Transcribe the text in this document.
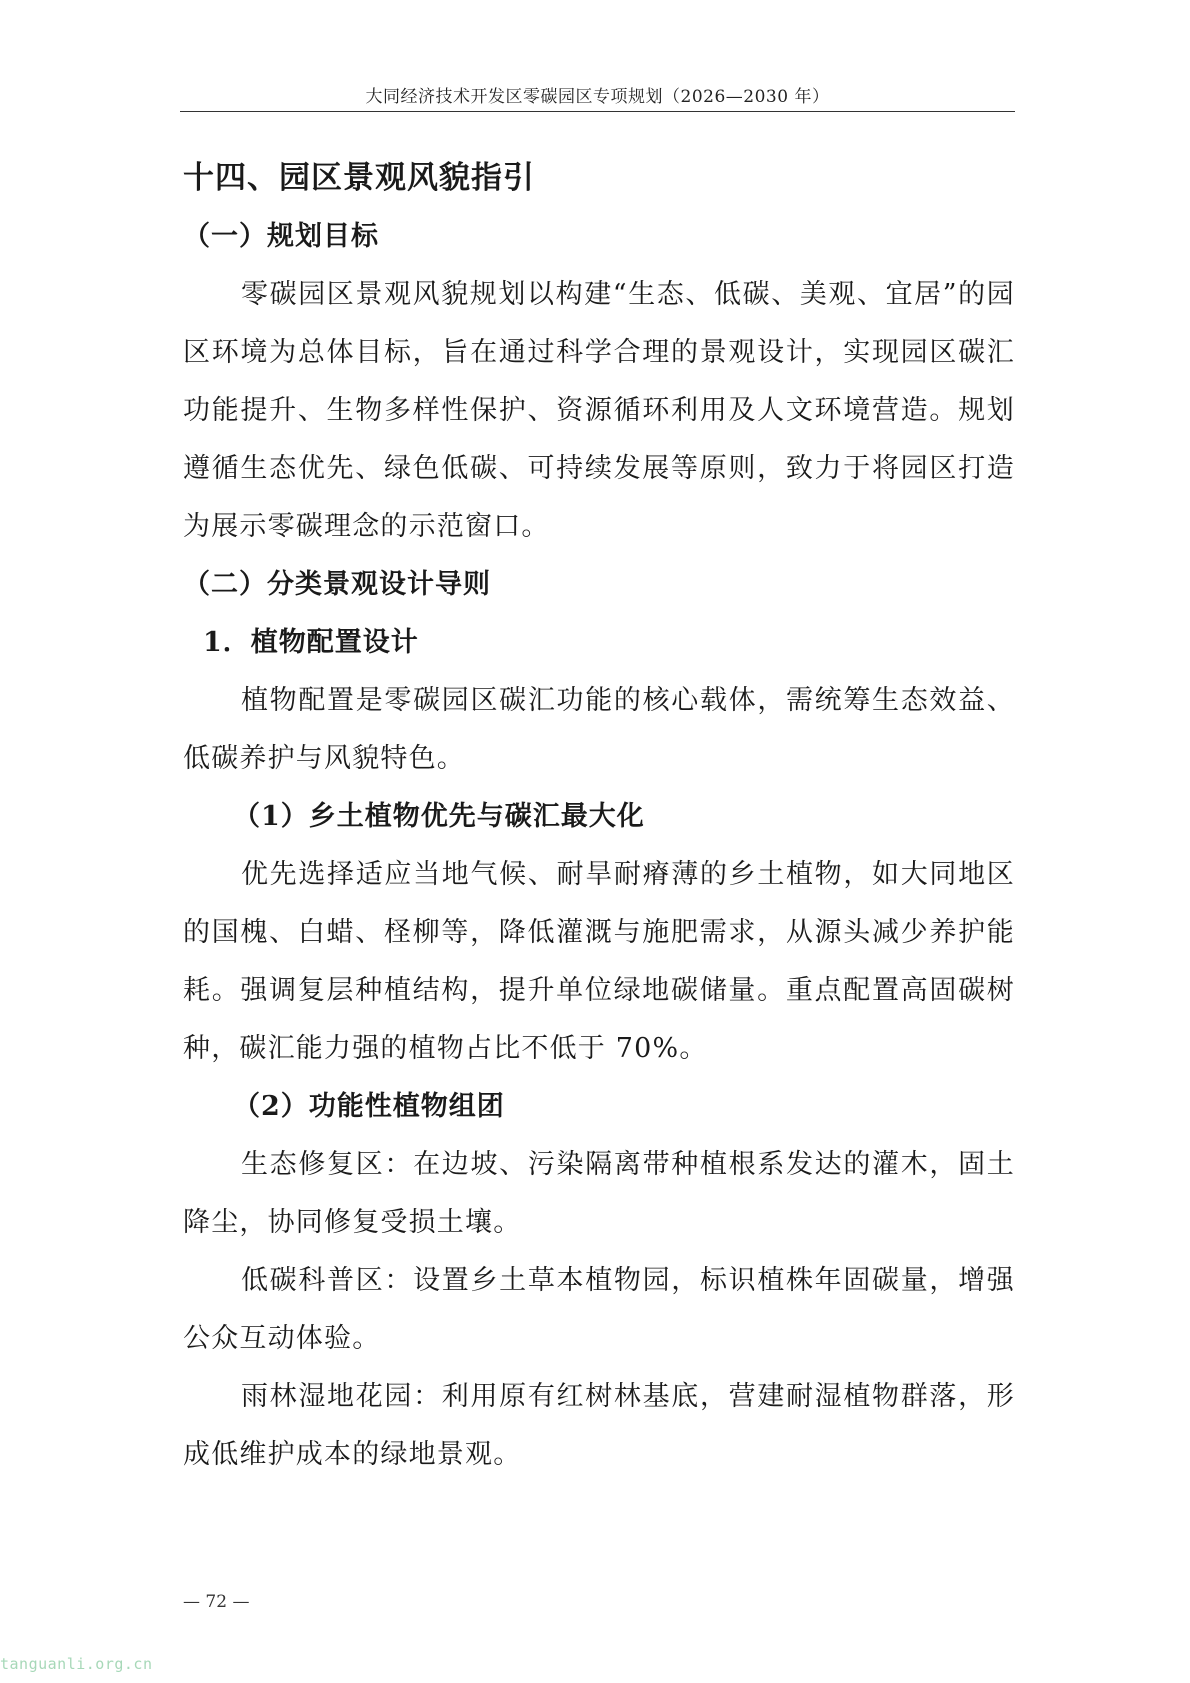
大同经济技术开发区零碳园区专项规划（2026—2030 年）
十四、园区景观风貌指引
（一）规划目标

零碳园区景观风貌规划以构建“生态、低碳、美观、宜居”的园区环境为总体目标，旨在通过科学合理的景观设计，实现园区碳汇功能提升、生物多样性保护、资源循环利用及人文环境营造。规划遵循生态优先、绿色低碳、可持续发展等原则，致力于将园区打造为展示零碳理念的示范窗口。

（二）分类景观设计导则
1．植物配置设计

植物配置是零碳园区碳汇功能的核心载体，需统筹生态效益、低碳养护与风貌特色。

（1）乡土植物优先与碳汇最大化

优先选择适应当地气候、耐旱耐瘠薄的乡土植物，如大同地区的国槐、白蜡、柽柳等，降低灌溉与施肥需求，从源头减少养护能耗。强调复层种植结构，提升单位绿地碳储量。重点配置高固碳树种，碳汇能力强的植物占比不低于 70%。

（2）功能性植物组团

生态修复区：在边坡、污染隔离带种植根系发达的灌木，固土降尘，协同修复受损土壤。

低碳科普区：设置乡土草本植物园，标识植株年固碳量，增强公众互动体验。

雨林湿地花园：利用原有红树林基底，营建耐湿植物群落，形成低维护成本的绿地景观。

— 72 —
tanguanli.org.cn
